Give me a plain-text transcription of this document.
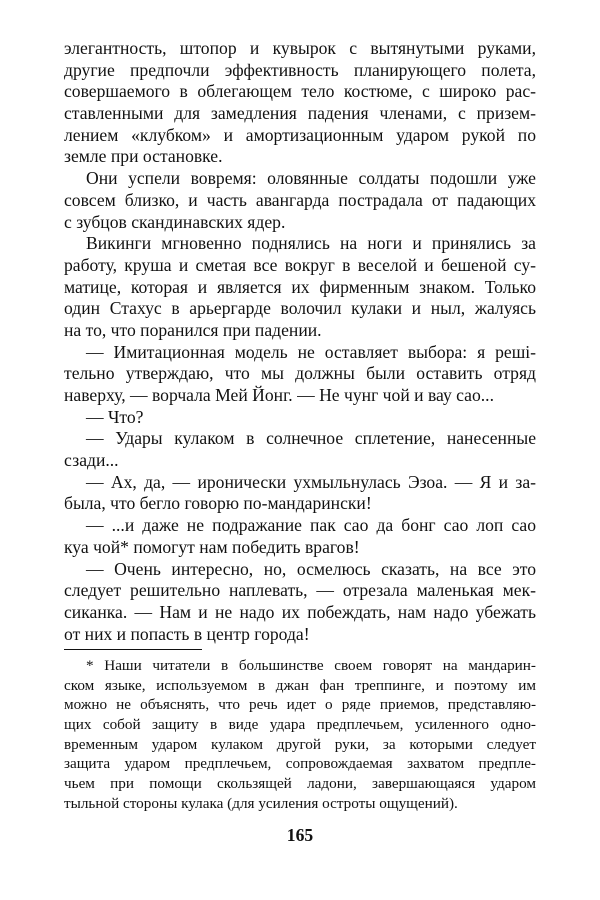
элегантность, штопор и кувырок с вытянутыми руками,
другие предпочли эффективность планирующего полета,
совершаемого в облегающем тело костюме, с широко рас-
ставленными для замедления падения членами, с призем-
лением «клубком» и амортизационным ударом рукой по
земле при остановке.
Они успели вовремя: оловянные солдаты подошли уже
совсем близко, и часть авангарда пострадала от падающих
с зубцов скандинавских ядер.
Викинги мгновенно поднялись на ноги и принялись за
работу, круша и сметая все вокруг в веселой и бешеной су-
матице, которая и является их фирменным знаком. Только
один Стахус в арьергарде волочил кулаки и ныл, жалуясь
на то, что поранился при падении.
— Имитационная модель не оставляет выбора: я решi-
тельно утверждаю, что мы должны были оставить отряд
наверху, — ворчала Мей Йонг. — Не чунг чой и вау сао...
— Что?
— Удары кулаком в солнечное сплетение, нанесенные
сзади...
— Ах, да, — иронически ухмыльнулась Эзоа. — Я и за-
была, что бегло говорю по-мандарински!
— ...и даже не подражание пак сао да бонг сао лоп сао
куа чой* помогут нам победить врагов!
— Очень интересно, но, осмелюсь сказать, на все это
следует решительно наплевать, — отрезала маленькая мек-
сиканка. — Нам и не надо их побеждать, нам надо убежать
от них и попасть в центр города!
* Наши читатели в большинстве своем говорят на мандарин-
ском языке, используемом в джан фан треппинге, и поэтому им
можно не объяснять, что речь идет о ряде приемов, представляю-
щих собой защиту в виде удара предплечьем, усиленного одно-
временным ударом кулаком другой руки, за которыми следует
защита ударом предплечьем, сопровождаемая захватом предпле-
чьем при помощи скользящей ладони, завершающаяся ударом
тыльной стороны кулака (для усиления остроты ощущений).
165
